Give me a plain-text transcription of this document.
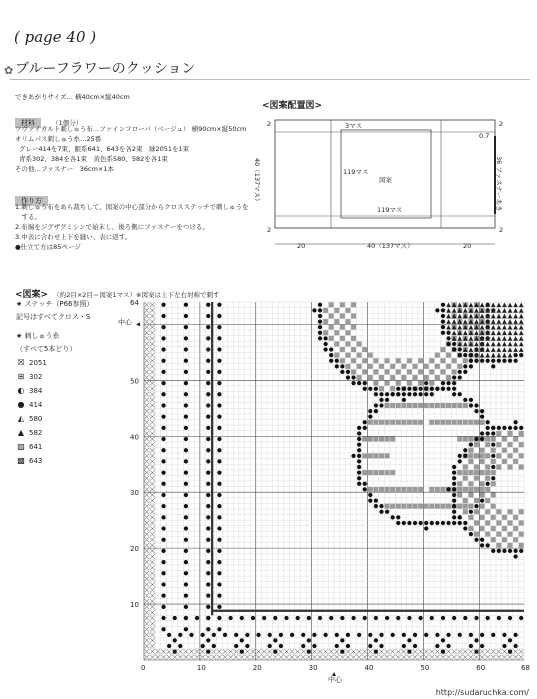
( page 40 )
✿ ブルーフラワーのクッション
できあがりサイズ… 横40cm×縦40cm
材料	（1個分）
ツヴァイガルト刺しゅう布…ファインフローバ（ベージュ） 横90cm×縦50cm
オリムパス刺しゅう糸…25番
グレー414を7束、銀系641、643を各2束　緑2051を1束
青系302、384を各1束　黄色系580、582を各1束
その他…ファスナー　36cm×1本
作り方
1.刺しゅう布をあら裁ちして、図案の中心部分からクロスステッチで刺しゅうを
　する。
2.布端をジグザグミシンで始末し、後ろ側にファスナーをつける。
3.中表に合わせ上下を縫い、表に返す。
●仕立て方は85ページ
<図案配置図>
2	2
3マス
119マス
119マス
図案
40（137マス）	36 ファスナーあき
0.7
2	2
20	40（137マス）	20
<図案> （約2目×2目＝図案1マス）※図案は上下左右対称で刺す
★ ステッチ（P66参照）
記号はすべてクロス・S
★ 刺しゅう糸
（すべて5本どり）
☒ 2051
⊞ 302
◐ 384
● 414
◭ 580
▲ 582
▨ 641
▩ 643
0	10	20	30	40	50	60	68
10
20
30
40
50
64
中心
中心
http://sudaruchka.com/
